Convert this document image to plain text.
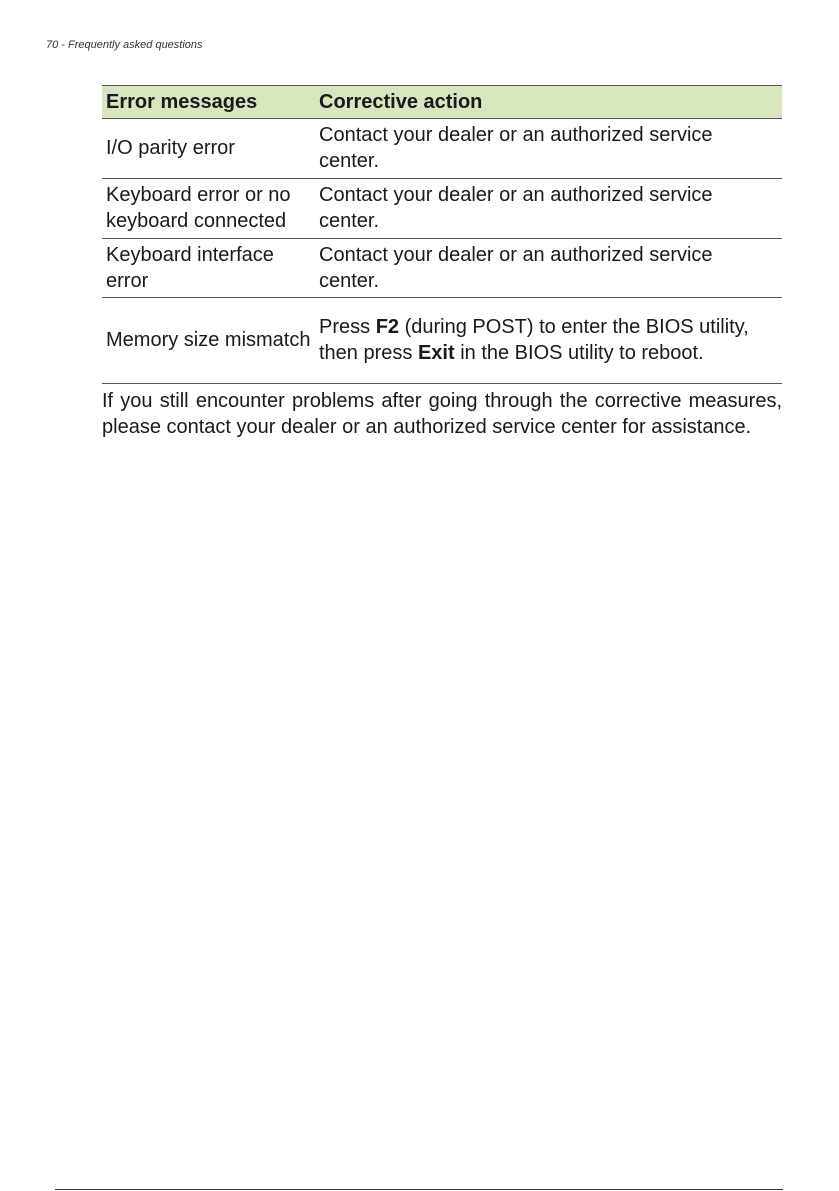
70 - Frequently asked questions
Error messages	Corrective action
I/O parity error	Contact your dealer or an authorized service center.
Keyboard error or no keyboard connected	Contact your dealer or an authorized service center.
Keyboard interface error	Contact your dealer or an authorized service center.
Memory size mismatch	Press F2 (during POST) to enter the BIOS utility, then press Exit in the BIOS utility to reboot.

If you still encounter problems after going through the corrective measures, please contact your dealer or an authorized service center for assistance.
